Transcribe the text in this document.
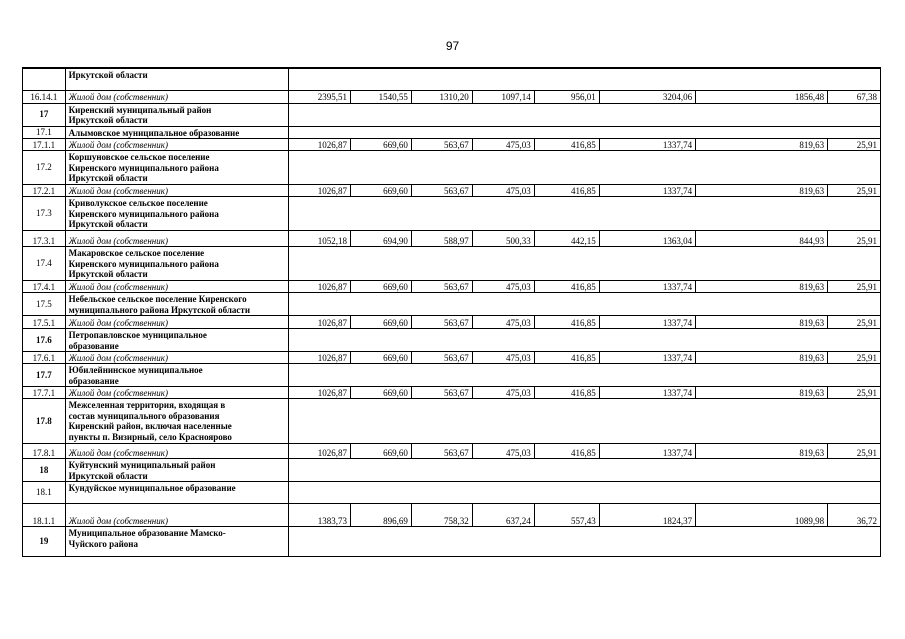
97
	Иркутской области								
16.14.1	Жилой дом (собственник)	2395,51	1540,55	1310,20	1097,14	956,01	3204,06	1856,48	67,38
17	Киренский муниципальный район
Иркутской области								
17.1	Алымовское муниципальное образование								
17.1.1	Жилой дом (собственник)	1026,87	669,60	563,67	475,03	416,85	1337,74	819,63	25,91
17.2	Коршуновское сельское поселение
Киренского муниципального района
Иркутской области								
17.2.1	Жилой дом (собственник)	1026,87	669,60	563,67	475,03	416,85	1337,74	819,63	25,91
17.3	Криволукское сельское поселение
Киренского муниципального района
Иркутской области								
17.3.1	Жилой дом (собственник)	1052,18	694,90	588,97	500,33	442,15	1363,04	844,93	25,91
17.4	Макаровское сельское поселение
Киренского муниципального района
Иркутской области								
17.4.1	Жилой дом (собственник)	1026,87	669,60	563,67	475,03	416,85	1337,74	819,63	25,91
17.5	Небельское сельское поселение Киренского
муниципального района Иркутской области								
17.5.1	Жилой дом (собственник)	1026,87	669,60	563,67	475,03	416,85	1337,74	819,63	25,91
17.6	Петропавловское муниципальное
образование								
17.6.1	Жилой дом (собственник)	1026,87	669,60	563,67	475,03	416,85	1337,74	819,63	25,91
17.7	Юбилейнинское муниципальное
образование								
17.7.1	Жилой дом (собственник)	1026,87	669,60	563,67	475,03	416,85	1337,74	819,63	25,91
17.8	Межселенная территория, входящая в
состав муниципального образования
Киренский район, включая населенные
пункты п. Визирный, село Красноярово								
17.8.1	Жилой дом (собственник)	1026,87	669,60	563,67	475,03	416,85	1337,74	819,63	25,91
18	Куйтунский муниципальный район
Иркутской области								
18.1	Кундуйское муниципальное образование								
18.1.1	Жилой дом (собственник)	1383,73	896,69	758,32	637,24	557,43	1824,37	1089,98	36,72
19	Муниципальное образование Мамско-
Чуйского района								
